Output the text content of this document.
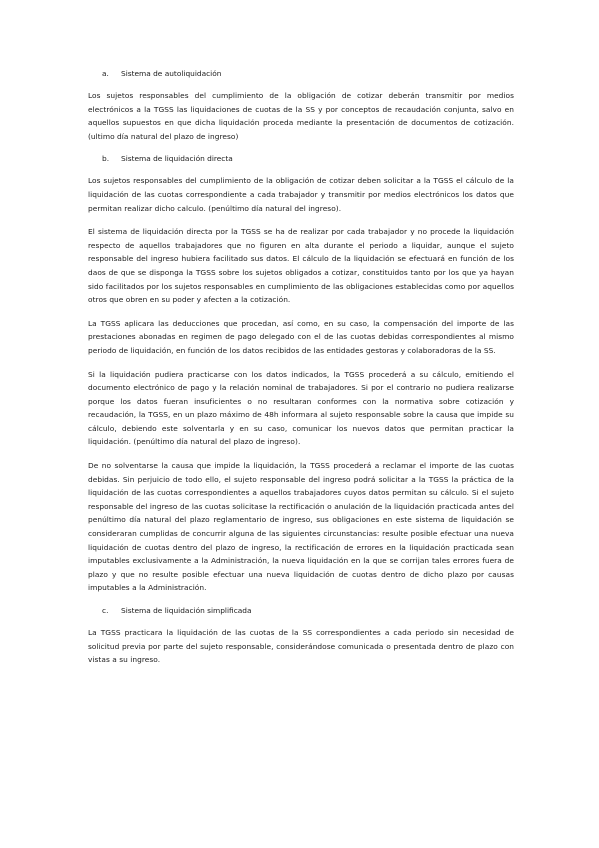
a. Sistema de autoliquidación

Los sujetos responsables del cumplimiento de la obligación de cotizar deberán transmitir por medios electrónicos a la TGSS las liquidaciones de cuotas de la SS y por conceptos de recaudación conjunta, salvo en aquellos supuestos en que dicha liquidación proceda mediante la presentación de documentos de cotización. (ultimo día natural del plazo de ingreso)

b. Sistema de liquidación directa

Los sujetos responsables del cumplimiento de la obligación de cotizar deben solicitar a la TGSS el cálculo de la liquidación de las cuotas correspondiente a cada trabajador y transmitir por medios electrónicos los datos que permitan realizar dicho calculo. (penúltimo día natural del ingreso).

El sistema de liquidación directa por la TGSS se ha de realizar por cada trabajador y no procede la liquidación respecto de aquellos trabajadores que no figuren en alta durante el periodo a liquidar, aunque el sujeto responsable del ingreso hubiera facilitado sus datos. El cálculo de la liquidación se efectuará en función de los daos de que se disponga la TGSS sobre los sujetos obligados a cotizar, constituidos tanto por los que ya hayan sido facilitados por los sujetos responsables en cumplimiento de las obligaciones establecidas como por aquellos otros que obren en su poder y afecten a la cotización.

La TGSS aplicara las deducciones que procedan, así como, en su caso, la compensación del importe de las prestaciones abonadas en regimen de pago delegado con el de las cuotas debidas correspondientes al mismo periodo de liquidación, en función de los datos recibidos de las entidades gestoras y colaboradoras de la SS.

Si la liquidación pudiera practicarse con los datos indicados, la TGSS procederá a su cálculo, emitiendo el documento electrónico de pago y la relación nominal de trabajadores. Si por el contrario no pudiera realizarse porque los datos fueran insuficientes o no resultaran conformes con la normativa sobre cotización y recaudación, la TGSS, en un plazo máximo de 48h informara al sujeto responsable sobre la causa que impide su cálculo, debiendo este solventarla y en su caso, comunicar los nuevos datos que permitan practicar la liquidación. (penúltimo día natural del plazo de ingreso).

De no solventarse la causa que impide la liquidación, la TGSS procederá a reclamar el importe de las cuotas debidas. Sin perjuicio de todo ello, el sujeto responsable del ingreso podrá solicitar a la TGSS la práctica de la liquidación de las cuotas correspondientes a aquellos trabajadores cuyos datos permitan su cálculo. Si el sujeto responsable del ingreso de las cuotas solicitase la rectificación o anulación de la liquidación practicada antes del penúltimo día natural del plazo reglamentario de ingreso, sus obligaciones en este sistema de liquidación se consideraran cumplidas de concurrir alguna de las siguientes circunstancias: resulte posible efectuar una nueva liquidación de cuotas dentro del plazo de ingreso, la rectificación de errores en la liquidación practicada sean imputables exclusivamente a la Administración, la nueva liquidación en la que se corrijan tales errores fuera de plazo y que no resulte posible efectuar una nueva liquidación de cuotas dentro de dicho plazo por causas imputables a la Administración.

c. Sistema de liquidación simplificada

La TGSS practicara la liquidación de las cuotas de la SS correspondientes a cada periodo sin necesidad de solicitud previa por parte del sujeto responsable, considerándose comunicada o presentada dentro de plazo con vistas a su ingreso.
